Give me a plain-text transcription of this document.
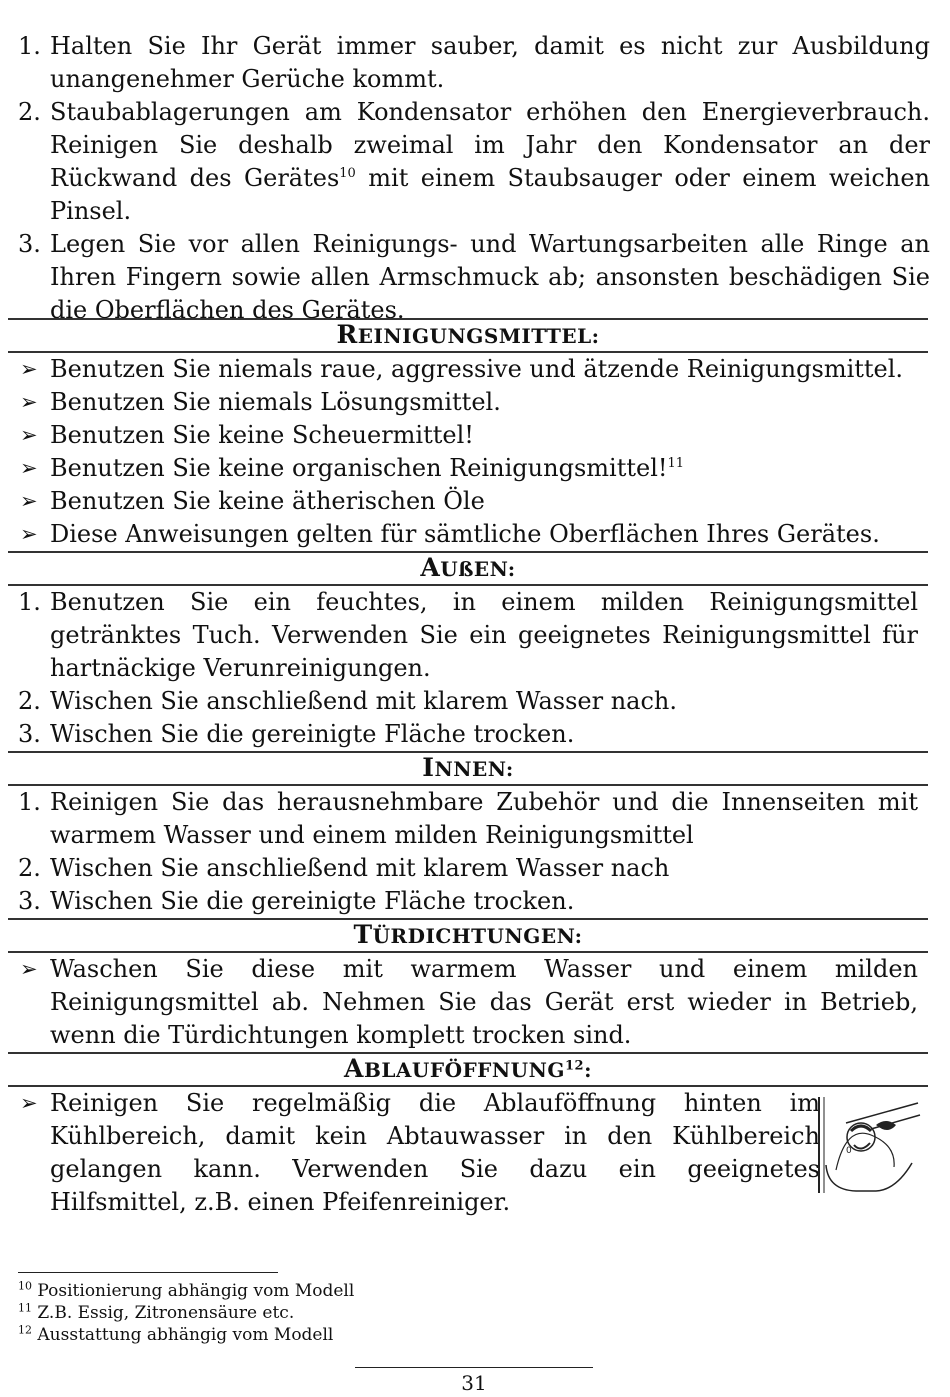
1. Halten Sie Ihr Gerät immer sauber, damit es nicht zur Ausbildung unangenehmer Gerüche kommt.

2. Staubablagerungen am Kondensator erhöhen den Energieverbrauch. Reinigen Sie deshalb zweimal im Jahr den Kondensator an der Rückwand des Gerätes$^{10}$ mit einem Staubsauger oder einem weichen Pinsel.

3. Legen Sie vor allen Reinigungs- und Wartungsarbeiten alle Ringe an Ihren Fingern sowie allen Armschmuck ab; ansonsten beschädigen Sie die Oberflächen des Gerätes.

REINIGUNGSMITTEL:
➢ Benutzen Sie niemals raue, aggressive und ätzende Reinigungsmittel.

➢ Benutzen Sie niemals Lösungsmittel.

➢ Benutzen Sie keine Scheuermittel!

➢ Benutzen Sie keine organischen Reinigungsmittel!$^{11}$

➢ Benutzen Sie keine ätherischen Öle

➢ Diese Anweisungen gelten für sämtliche Oberflächen Ihres Gerätes.

AUßEN:
1. Benutzen Sie ein feuchtes, in einem milden Reinigungsmittel getränktes Tuch. Verwenden Sie ein geeignetes Reinigungsmittel für hartnäckige Verunreinigungen.

2. Wischen Sie anschließend mit klarem Wasser nach.

3. Wischen Sie die gereinigte Fläche trocken.

INNEN:
1. Reinigen Sie das herausnehmbare Zubehör und die Innenseiten mit warmem Wasser und einem milden Reinigungsmittel

2. Wischen Sie anschließend mit klarem Wasser nach

3. Wischen Sie die gereinigte Fläche trocken.

TÜRDICHTUNGEN:
➢ Waschen Sie diese mit warmem Wasser und einem milden Reinigungsmittel ab. Nehmen Sie das Gerät erst wieder in Betrieb, wenn die Türdichtungen komplett trocken sind.

ABLAUFÖFFNUNG$^{12}$:
➢ Reinigen Sie regelmäßig die Ablauföffnung hinten im Kühlbereich, damit kein Abtauwasser in den Kühlbereich gelangen kann. Verwenden Sie dazu ein geeignetes Hilfsmittel, z.B. einen Pfeifenreiniger.

0
$^{10}$ Positionierung abhängig vom Modell
$^{11}$ Z.B. Essig, Zitronensäure etc.
$^{12}$ Ausstattung abhängig vom Modell
31
